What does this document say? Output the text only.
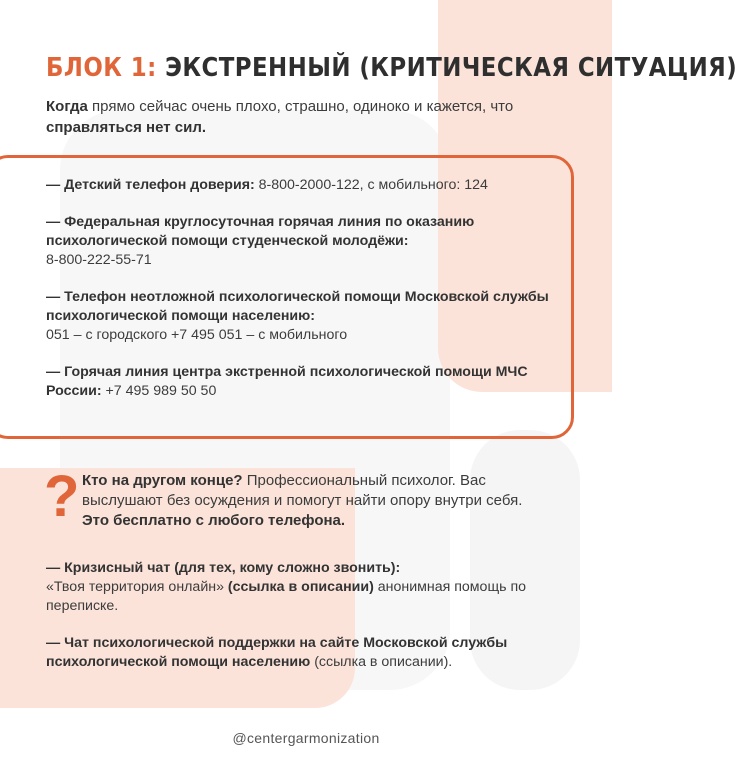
БЛОК 1: ЭКСТРЕННЫЙ (КРИТИЧЕСКАЯ СИТУАЦИЯ)
Когда прямо сейчас очень плохо, страшно, одиноко и кажется, что справляться нет сил.
— Детский телефон доверия: 8-800-2000-122, с мобильного: 124
— Федеральная круглосуточная горячая линия по оказанию психологической помощи студенческой молодёжи:
8-800-222-55-71
— Телефон неотложной психологической помощи Московской службы психологической помощи населению:
051 – с городского +7 495 051 – с мобильного
— Горячая линия центра экстренной психологической помощи МЧС России: +7 495 989 50 50
? Кто на другом конце? Профессиональный психолог. Вас выслушают без осуждения и помогут найти опору внутри себя. Это бесплатно с любого телефона.
— Кризисный чат (для тех, кому сложно звонить):
«Твоя территория онлайн» (ссылка в описании) анонимная помощь по переписке.
— Чат психологической поддержки на сайте Московской службы психологической помощи населению (ссылка в описании).
@centergarmonization
